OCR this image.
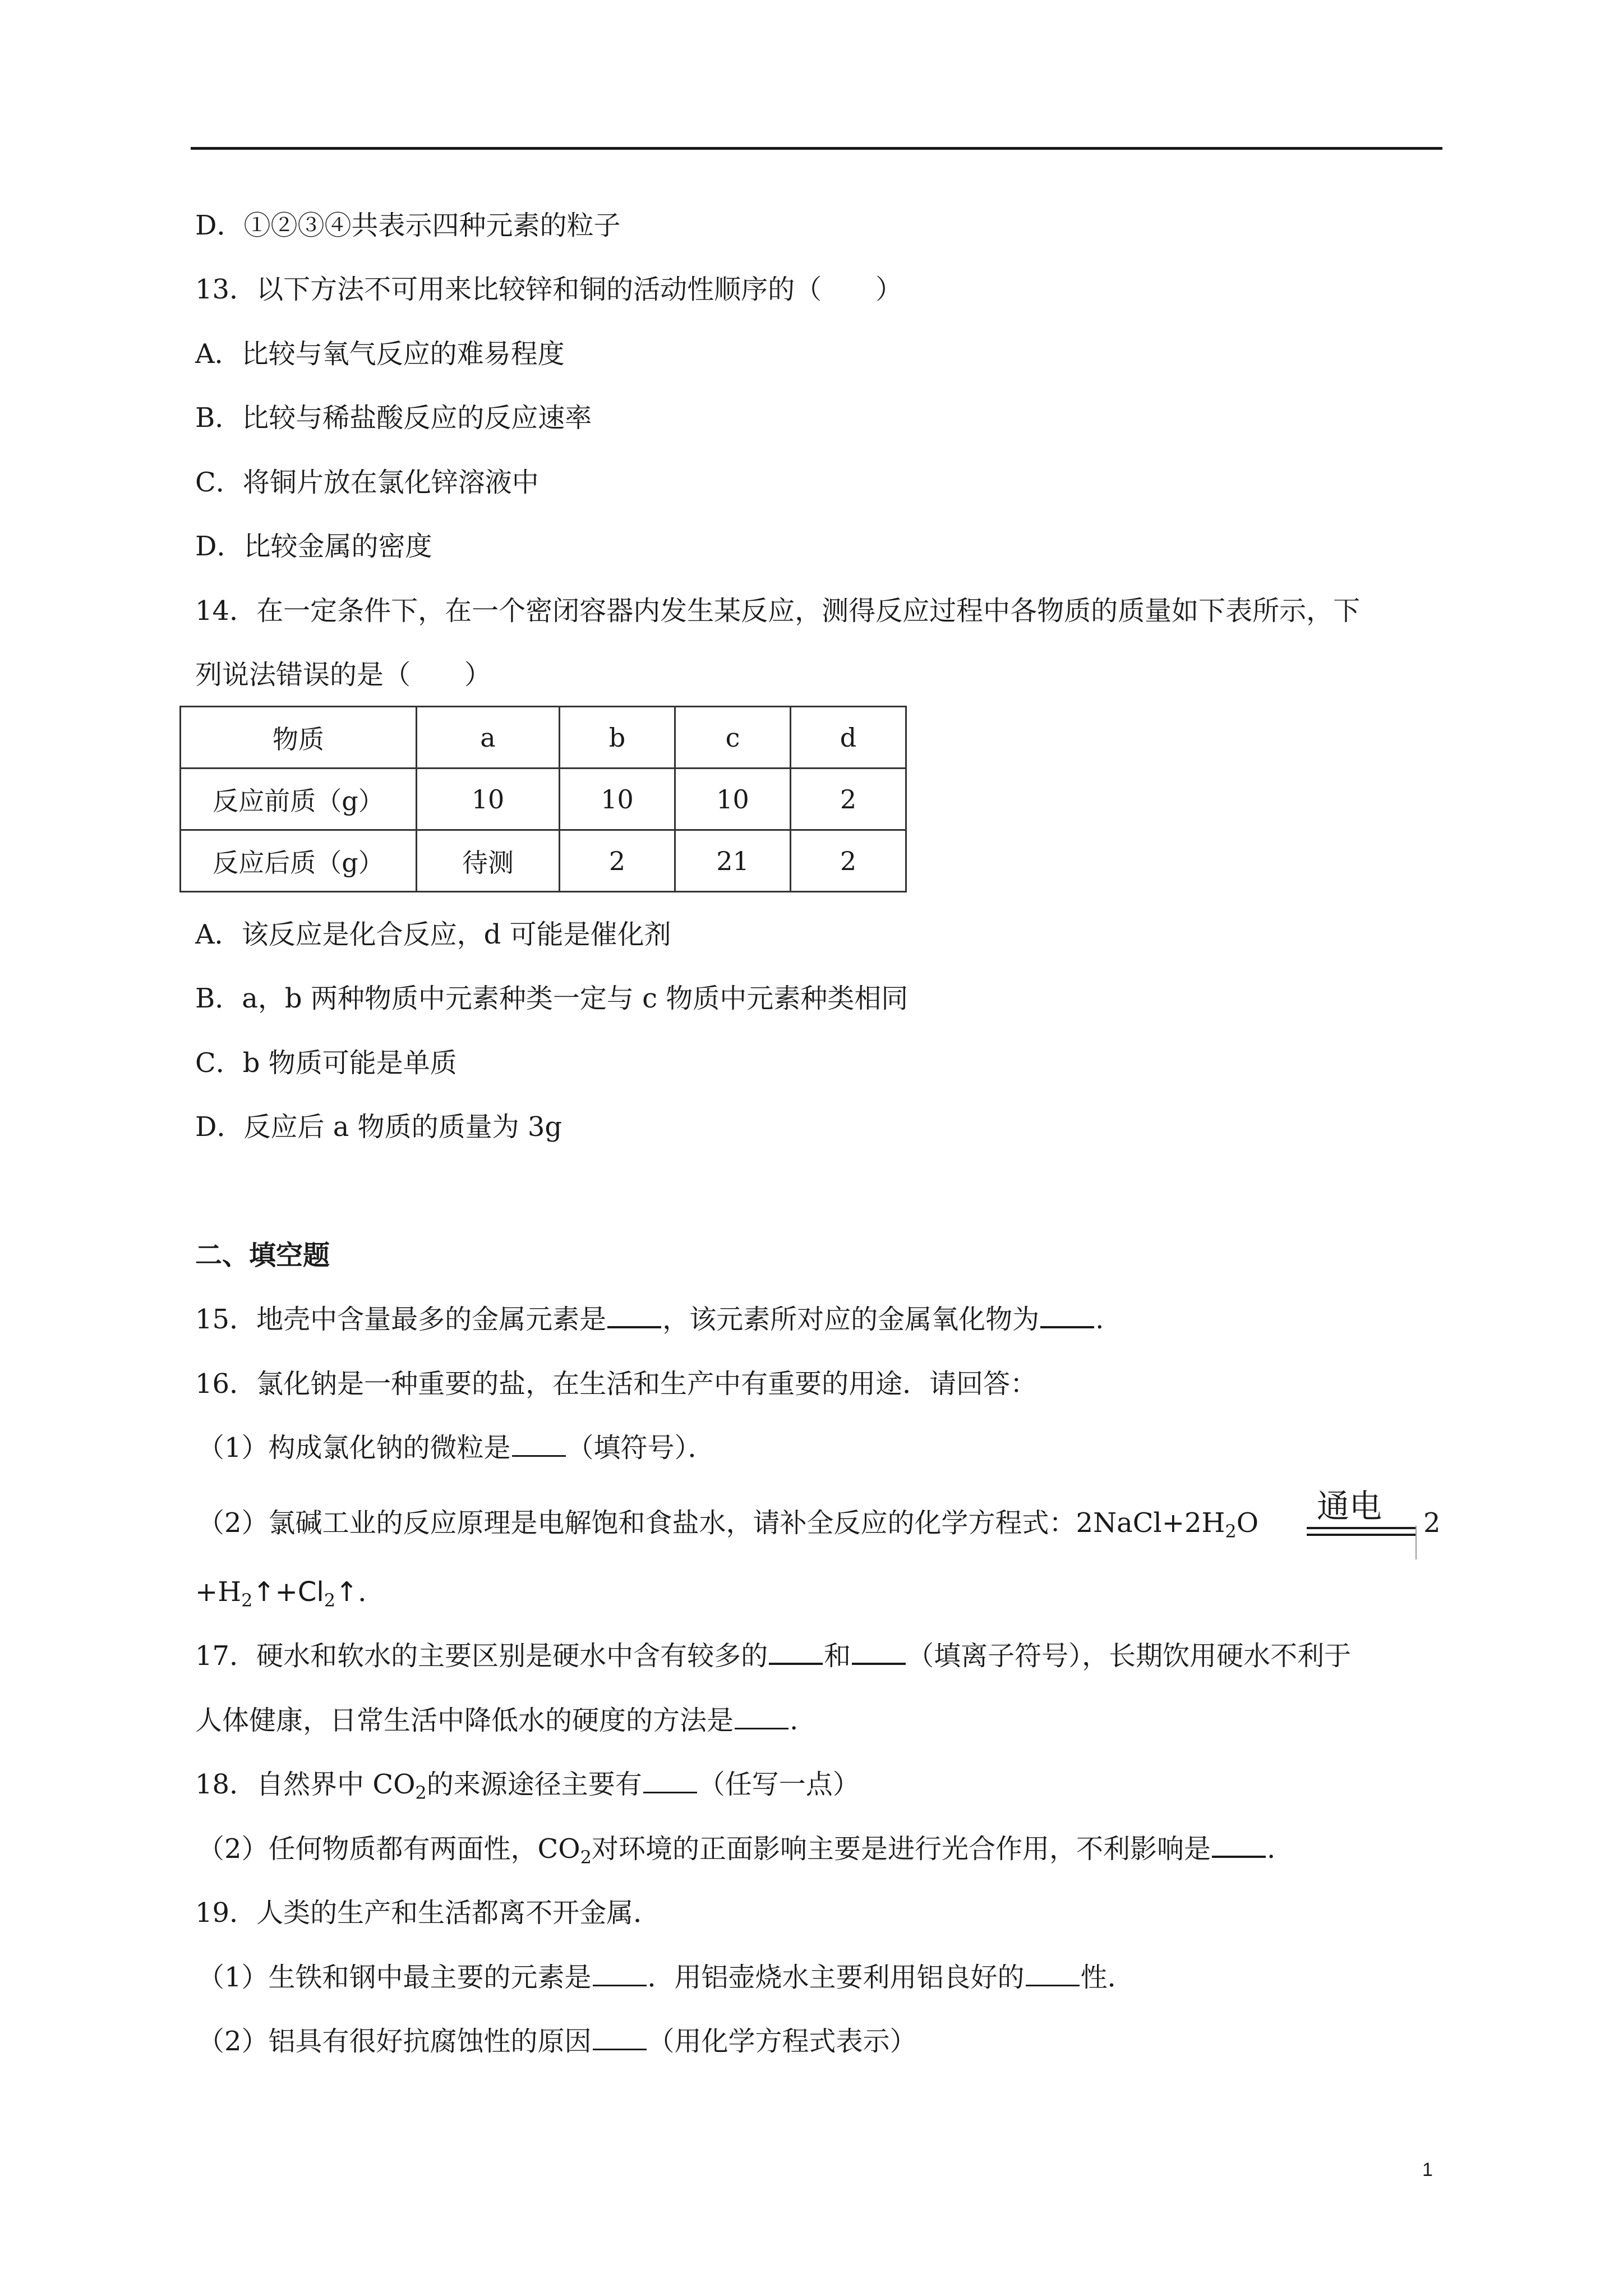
D．①②③④共表示四种元素的粒子
13．以下方法不可用来比较锌和铜的活动性顺序的（　　）
A．比较与氧气反应的难易程度
B．比较与稀盐酸反应的反应速率
C．将铜片放在氯化锌溶液中
D．比较金属的密度
14．在一定条件下，在一个密闭容器内发生某反应，测得反应过程中各物质的质量如下表所示，下
列说法错误的是（　　）
物质	a	b	c	d
反应前质（g）	10	10	10	2
反应后质（g）	待测	2	21	2
A．该反应是化合反应，d 可能是催化剂
B．a，b 两种物质中元素种类一定与 c 物质中元素种类相同
C．b 物质可能是单质
D．反应后 a 物质的质量为 3g
二、填空题
15．地壳中含量最多的金属元素是 ，该元素所对应的金属氧化物为 .
16．氯化钠是一种重要的盐，在生活和生产中有重要的用途．请回答：
（1）构成氯化钠的微粒是 （填符号）．
（2）氯碱工业的反应原理是电解饱和食盐水，请补全反应的化学方程式：$2NaCl+2H_2O$ 通电 2
$+H_2↑+Cl_2↑$．
17．硬水和软水的主要区别是硬水中含有较多的 和 （填离子符号），长期饮用硬水不利于
人体健康，日常生活中降低水的硬度的方法是 .
18．自然界中 $CO_2$的来源途径主要有 （任写一点）
（2）任何物质都有两面性，$CO_2$对环境的正面影响主要是进行光合作用，不利影响是 .
19．人类的生产和生活都离不开金属．
（1）生铁和钢中最主要的元素是 ．用铝壶烧水主要利用铝良好的 性．
（2）铝具有很好抗腐蚀性的原因 （用化学方程式表示）
1
